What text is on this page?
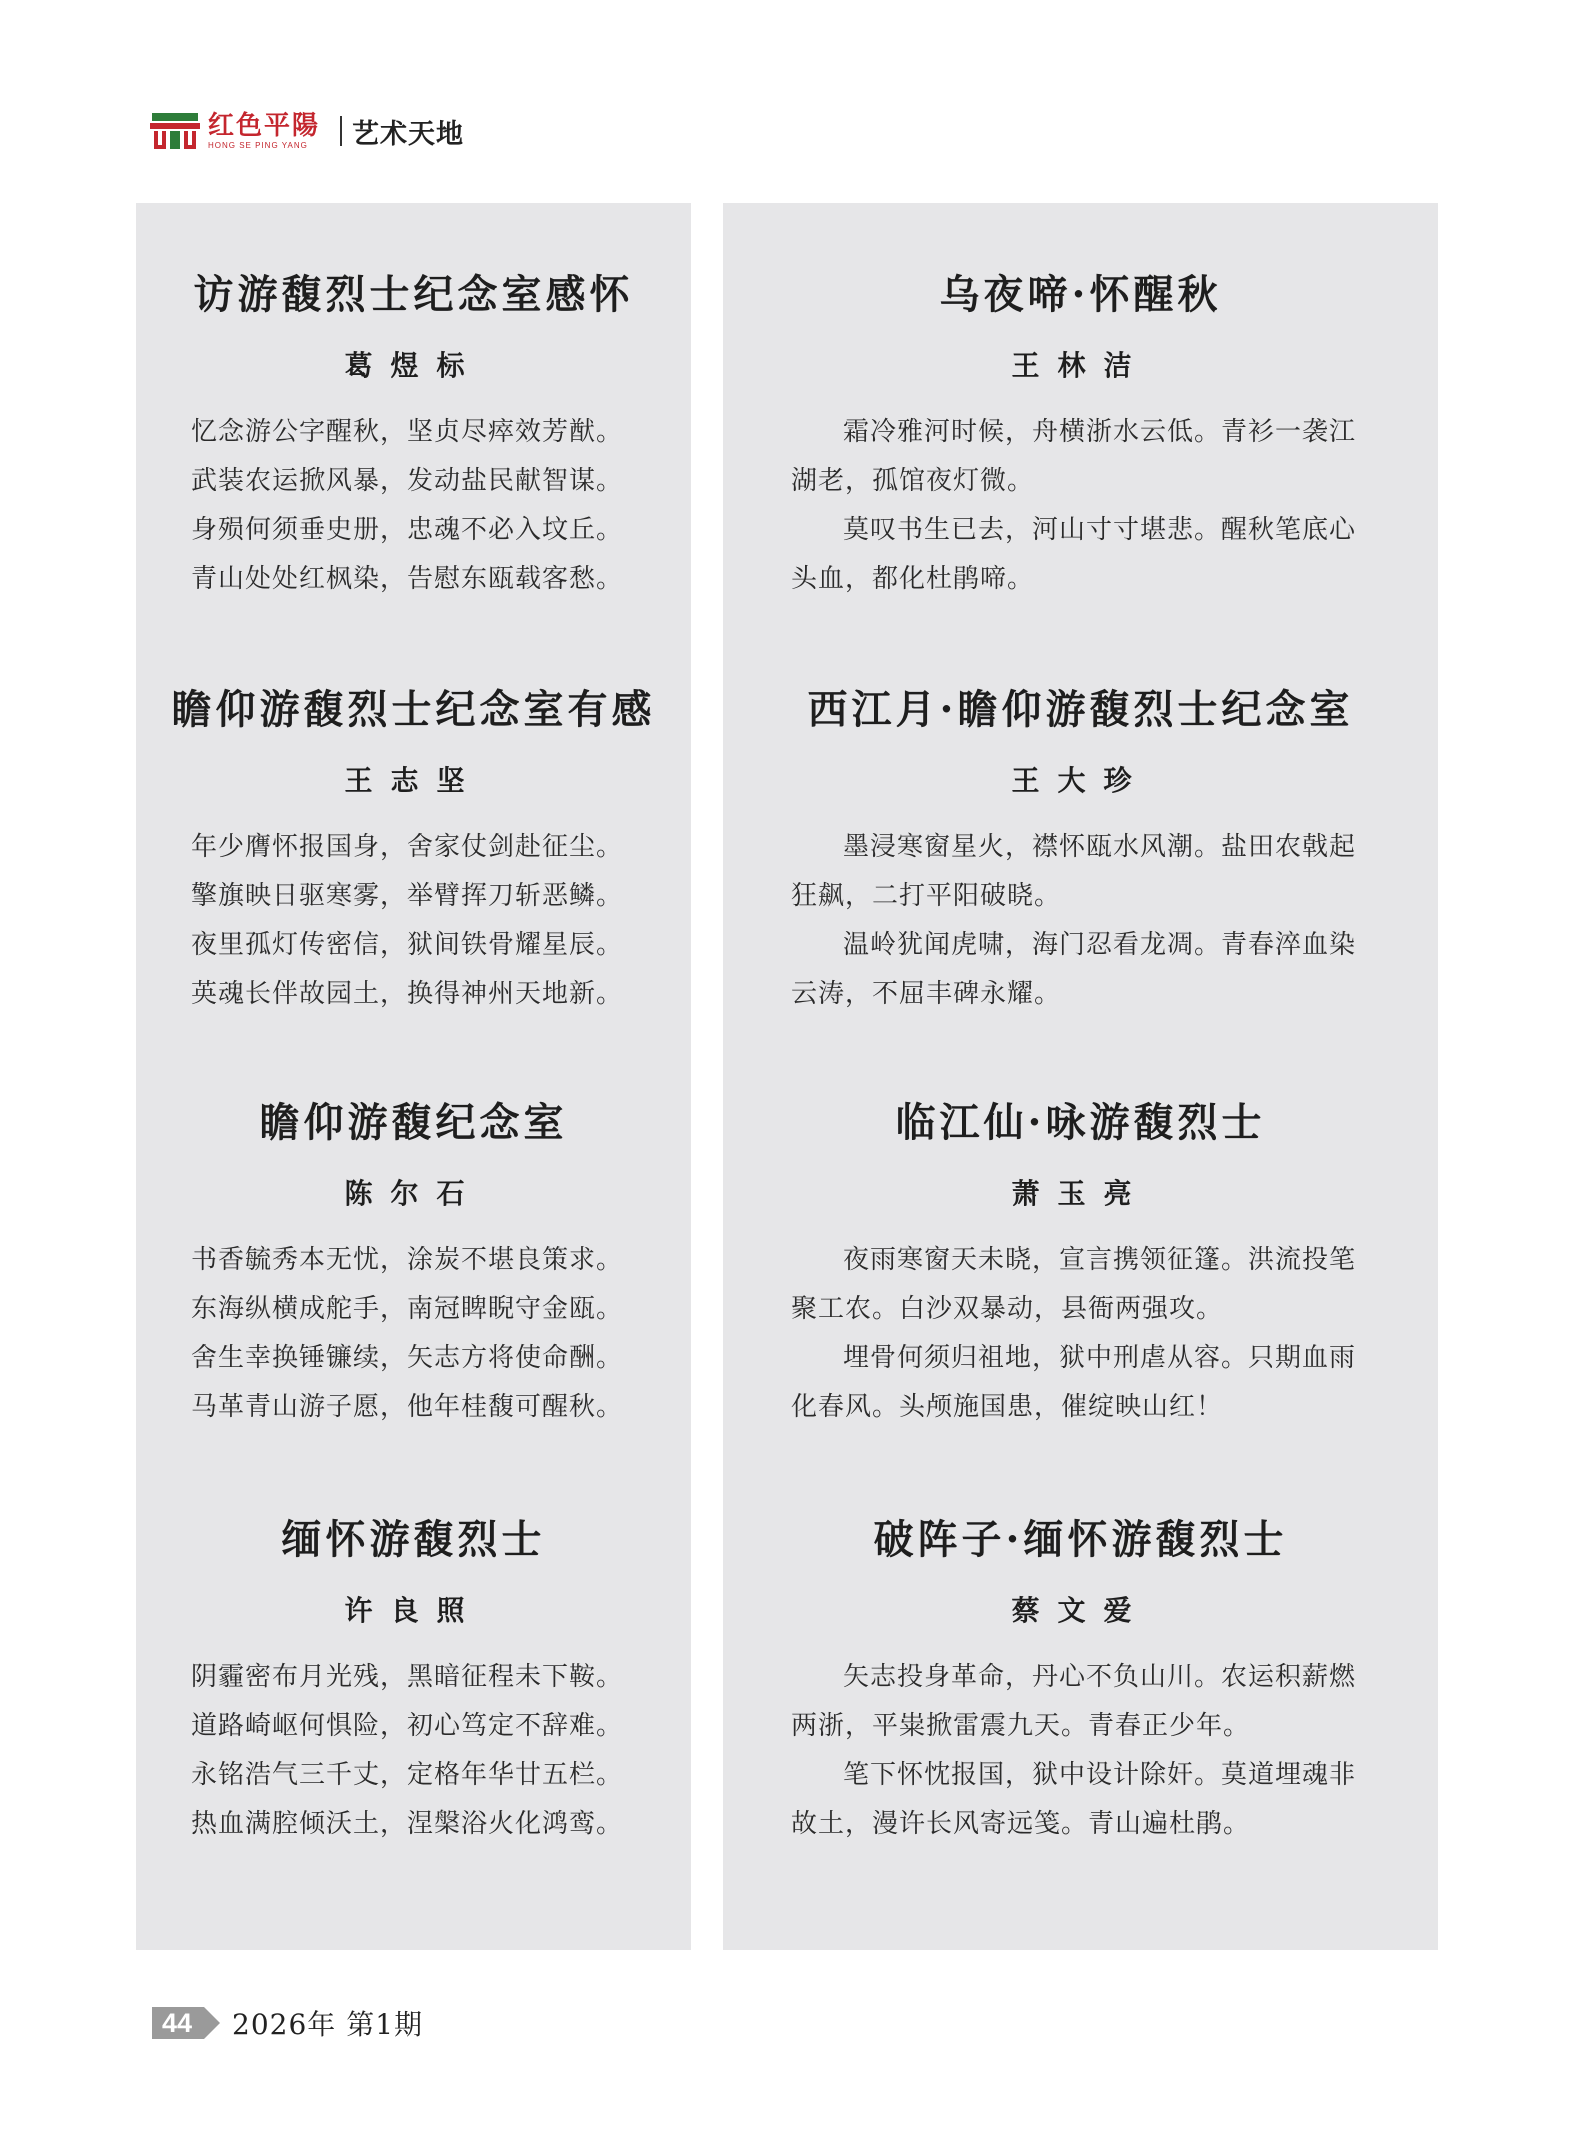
红色平陽
HONG SE PING YANG	艺术天地
访游馥烈士纪念室感怀
葛煜标
忆念游公字醒秋，坚贞尽瘁效芳猷。
武装农运掀风暴，发动盐民献智谋。
身殒何须垂史册，忠魂不必入坟丘。
青山处处红枫染，告慰东瓯载客愁。
瞻仰游馥烈士纪念室有感
王志坚
年少膺怀报国身，舍家仗剑赴征尘。
擎旗映日驱寒雾，举臂挥刀斩恶鳞。
夜里孤灯传密信，狱间铁骨耀星辰。
英魂长伴故园土，换得神州天地新。
瞻仰游馥纪念室
陈尔石
书香毓秀本无忧，涂炭不堪良策求。
东海纵横成舵手，南冠睥睨守金瓯。
舍生幸换锤镰续，矢志方将使命酬。
马革青山游子愿，他年桂馥可醒秋。
缅怀游馥烈士
许良照
阴霾密布月光残，黑暗征程未下鞍。
道路崎岖何惧险，初心笃定不辞难。
永铭浩气三千丈，定格年华廿五栏。
热血满腔倾沃土，涅槃浴火化鸿鸾。
乌夜啼·怀醒秋
王林洁

霜冷雅河时候，舟横浙水云低。青衫一袭江湖老，孤馆夜灯微。

莫叹书生已去，河山寸寸堪悲。醒秋笔底心头血，都化杜鹃啼。

西江月·瞻仰游馥烈士纪念室
王大珍

墨浸寒窗星火，襟怀瓯水风潮。盐田农戟起狂飙，二打平阳破晓。

温岭犹闻虎啸，海门忍看龙凋。青春淬血染云涛，不屈丰碑永耀。

临江仙·咏游馥烈士
萧玉亮

夜雨寒窗天未晓，宣言携领征篷。洪流投笔聚工农。白沙双暴动，县衙两强攻。

埋骨何须归祖地，狱中刑虐从容。只期血雨化春风。头颅施国患，催绽映山红！

破阵子·缅怀游馥烈士
蔡文爱

矢志投身革命，丹心不负山川。农运积薪燃两浙，平粜掀雷震九天。青春正少年。

笔下怀忱报国，狱中设计除奸。莫道埋魂非故土，漫许长风寄远笺。青山遍杜鹃。

44	2026年 第1期
